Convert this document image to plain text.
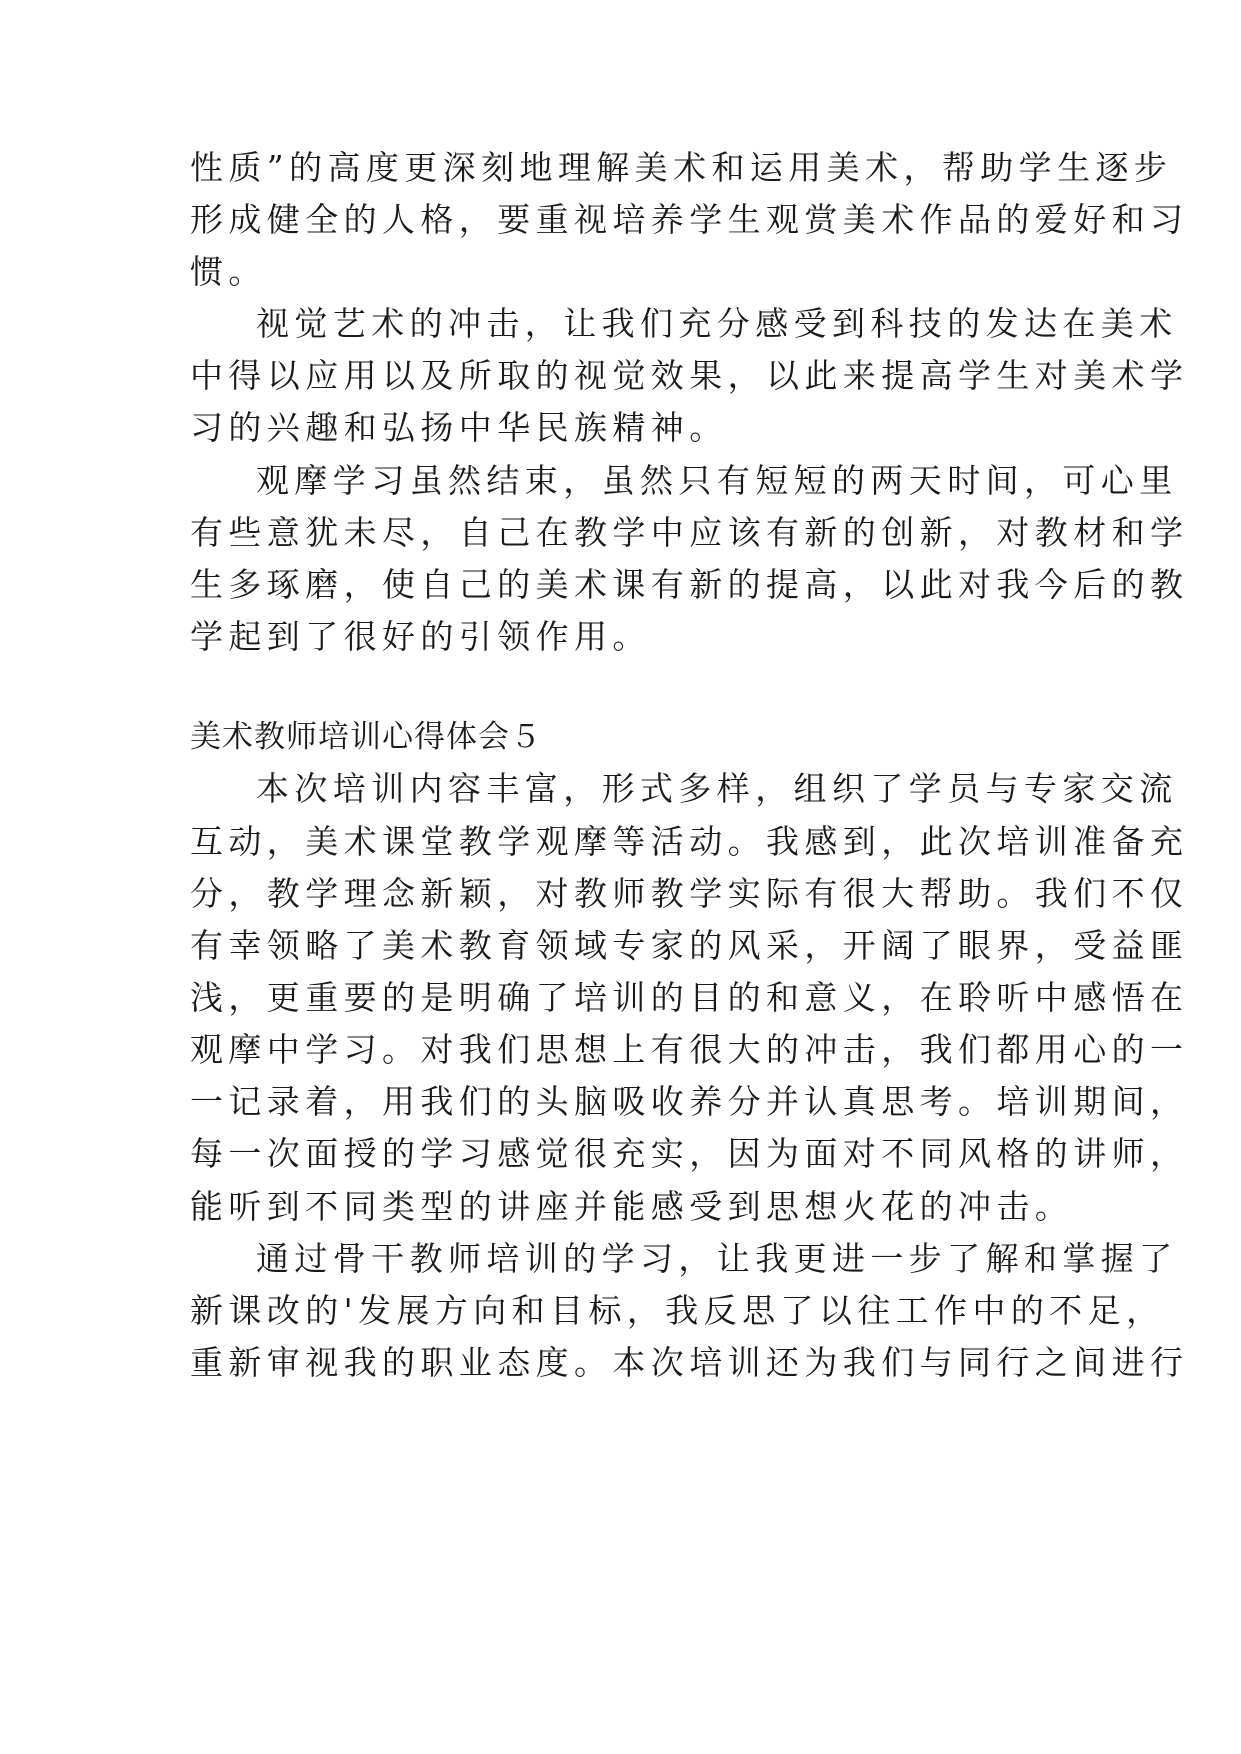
性质”的高度更深刻地理解美术和运用美术，帮助学生逐步
形成健全的人格，要重视培养学生观赏美术作品的爱好和习
惯。
视觉艺术的冲击，让我们充分感受到科技的发达在美术
中得以应用以及所取的视觉效果，以此来提高学生对美术学
习的兴趣和弘扬中华民族精神。
观摩学习虽然结束，虽然只有短短的两天时间，可心里
有些意犹未尽，自己在教学中应该有新的创新，对教材和学
生多琢磨，使自己的美术课有新的提高，以此对我今后的教
学起到了很好的引领作用。
美术教师培训心得体会５
本次培训内容丰富，形式多样，组织了学员与专家交流
互动，美术课堂教学观摩等活动。我感到，此次培训准备充
分，教学理念新颖，对教师教学实际有很大帮助。我们不仅
有幸领略了美术教育领域专家的风采，开阔了眼界，受益匪
浅，更重要的是明确了培训的目的和意义，在聆听中感悟在
观摩中学习。对我们思想上有很大的冲击，我们都用心的一
一记录着，用我们的头脑吸收养分并认真思考。培训期间，
每一次面授的学习感觉很充实，因为面对不同风格的讲师，
能听到不同类型的讲座并能感受到思想火花的冲击。
通过骨干教师培训的学习，让我更进一步了解和掌握了
新课改的'发展方向和目标，我反思了以往工作中的不足，
重新审视我的职业态度。本次培训还为我们与同行之间进行
